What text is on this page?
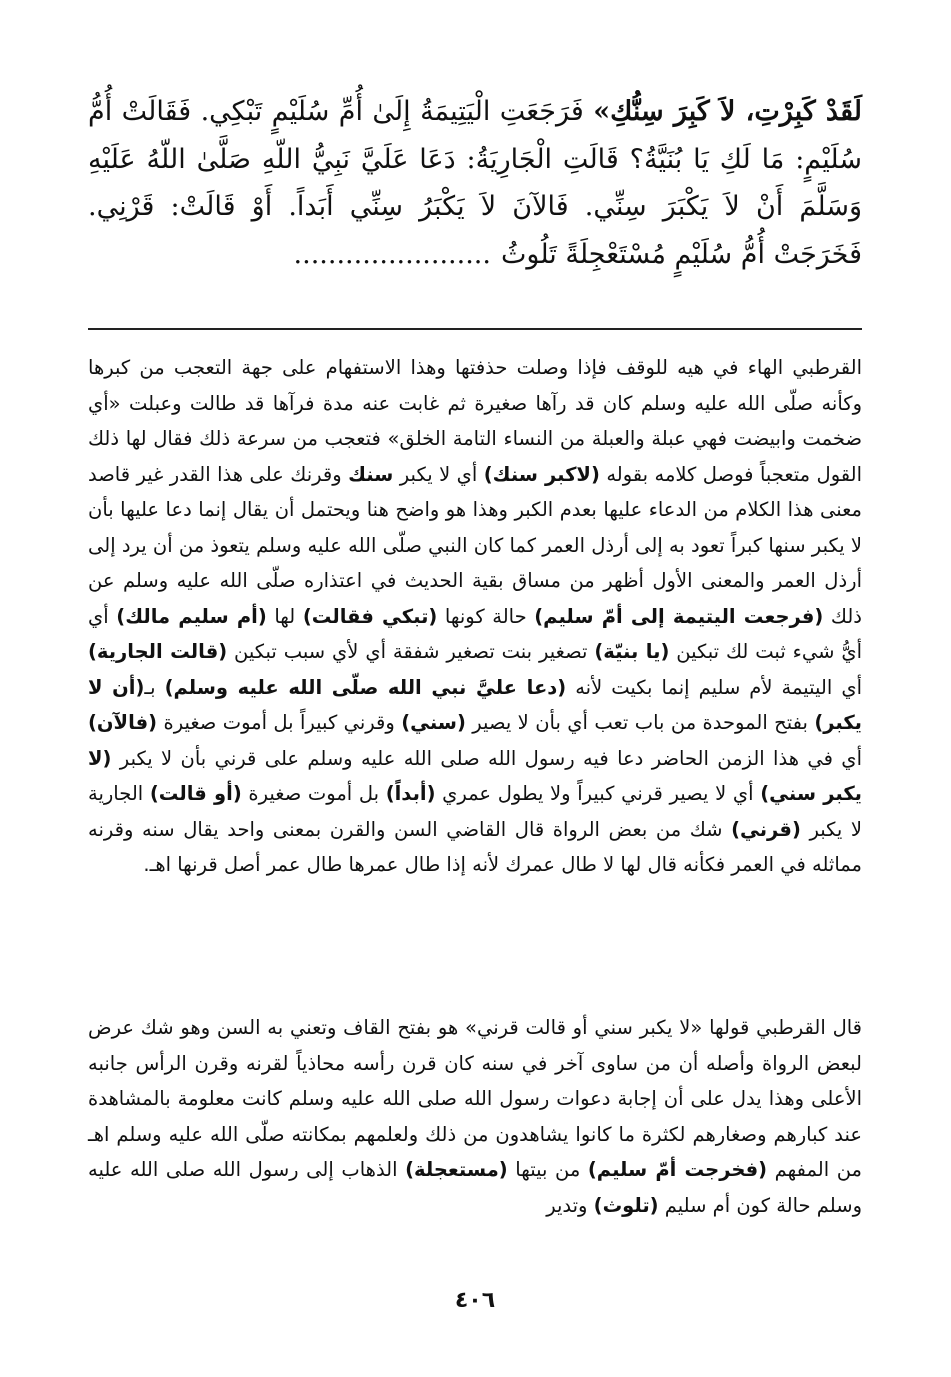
لَقَدْ كَبِرْتِ، لاَ كَبِرَ سِنُّكِ» فَرَجَعَتِ الْيَتِيمَةُ إِلَىٰ أُمِّ سُلَيْمٍ تَبْكِي. فَقَالَتْ أُمُّ سُلَيْمٍ: مَا لَكِ يَا بُنَيَّةُ؟ قَالَتِ الْجَارِيَةُ: دَعَا عَلَيَّ نَبِيُّ اللّهِ صَلَّىٰ اللّهُ عَلَيْهِ وَسَلَّمَ أَنْ لاَ يَكْبَرَ سِنِّي. فَالآنَ لاَ يَكْبَرُ سِنِّي أَبَداً. أَوْ قَالَتْ: قَرْنِي. فَخَرَجَتْ أُمُّ سُلَيْمٍ مُسْتَعْجِلَةً تَلُوثُ.......................

القرطبي الهاء في هيه للوقف فإذا وصلت حذفتها وهذا الاستفهام على جهة التعجب من كبرها وكأنه صلّى الله عليه وسلم كان قد رآها صغيرة ثم غابت عنه مدة فرآها قد طالت وعبلت «أي ضخمت وابيضت فهي عبلة والعبلة من النساء التامة الخلق» فتعجب من سرعة ذلك فقال لها ذلك القول متعجباً فوصل كلامه بقوله (لاكبر سنك) أي لا يكبر سنك وقرنك على هذا القدر غير قاصد معنى هذا الكلام من الدعاء عليها بعدم الكبر وهذا هو واضح هنا ويحتمل أن يقال إنما دعا عليها بأن لا يكبر سنها كبراً تعود به إلى أرذل العمر كما كان النبي صلّى الله عليه وسلم يتعوذ من أن يرد إلى أرذل العمر والمعنى الأول أظهر من مساق بقية الحديث في اعتذاره صلّى الله عليه وسلم عن ذلك (فرجعت اليتيمة إلى أمّ سليم) حالة كونها (تبكي فقالت) لها (أم سليم مالك) أي أيُّ شيء ثبت لك تبكين (يا بنيّة) تصغير بنت تصغير شفقة أي لأي سبب تبكين (قالت الجارية) أي اليتيمة لأم سليم إنما بكيت لأنه (دعا عليَّ نبي الله صلّى الله عليه وسلم) بـ(أن لا يكبر) بفتح الموحدة من باب تعب أي بأن لا يصير (سني) وقرني كبيراً بل أموت صغيرة (فالآن) أي في هذا الزمن الحاضر دعا فيه رسول الله صلى الله عليه وسلم على قرني بأن لا يكبر (لا يكبر سني) أي لا يصير قرني كبيراً ولا يطول عمري (أبداً) بل أموت صغيرة (أو قالت) الجارية لا يكبر (قرني) شك من بعض الرواة قال القاضي السن والقرن بمعنى واحد يقال سنه وقرنه مماثله في العمر فكأنه قال لها لا طال عمرك لأنه إذا طال عمرها طال عمر أصل قرنها اهـ.

قال القرطبي قولها «لا يكبر سني أو قالت قرني» هو بفتح القاف وتعني به السن وهو شك عرض لبعض الرواة وأصله أن من ساوى آخر في سنه كان قرن رأسه محاذياً لقرنه وقرن الرأس جانبه الأعلى وهذا يدل على أن إجابة دعوات رسول الله صلى الله عليه وسلم كانت معلومة بالمشاهدة عند كبارهم وصغارهم لكثرة ما كانوا يشاهدون من ذلك ولعلمهم بمكانته صلّى الله عليه وسلم اهـ من المفهم (فخرجت أمّ سليم) من بيتها (مستعجلة) الذهاب إلى رسول الله صلى الله عليه وسلم حالة كون أم سليم (تلوث) وتدير

٤٠٦
